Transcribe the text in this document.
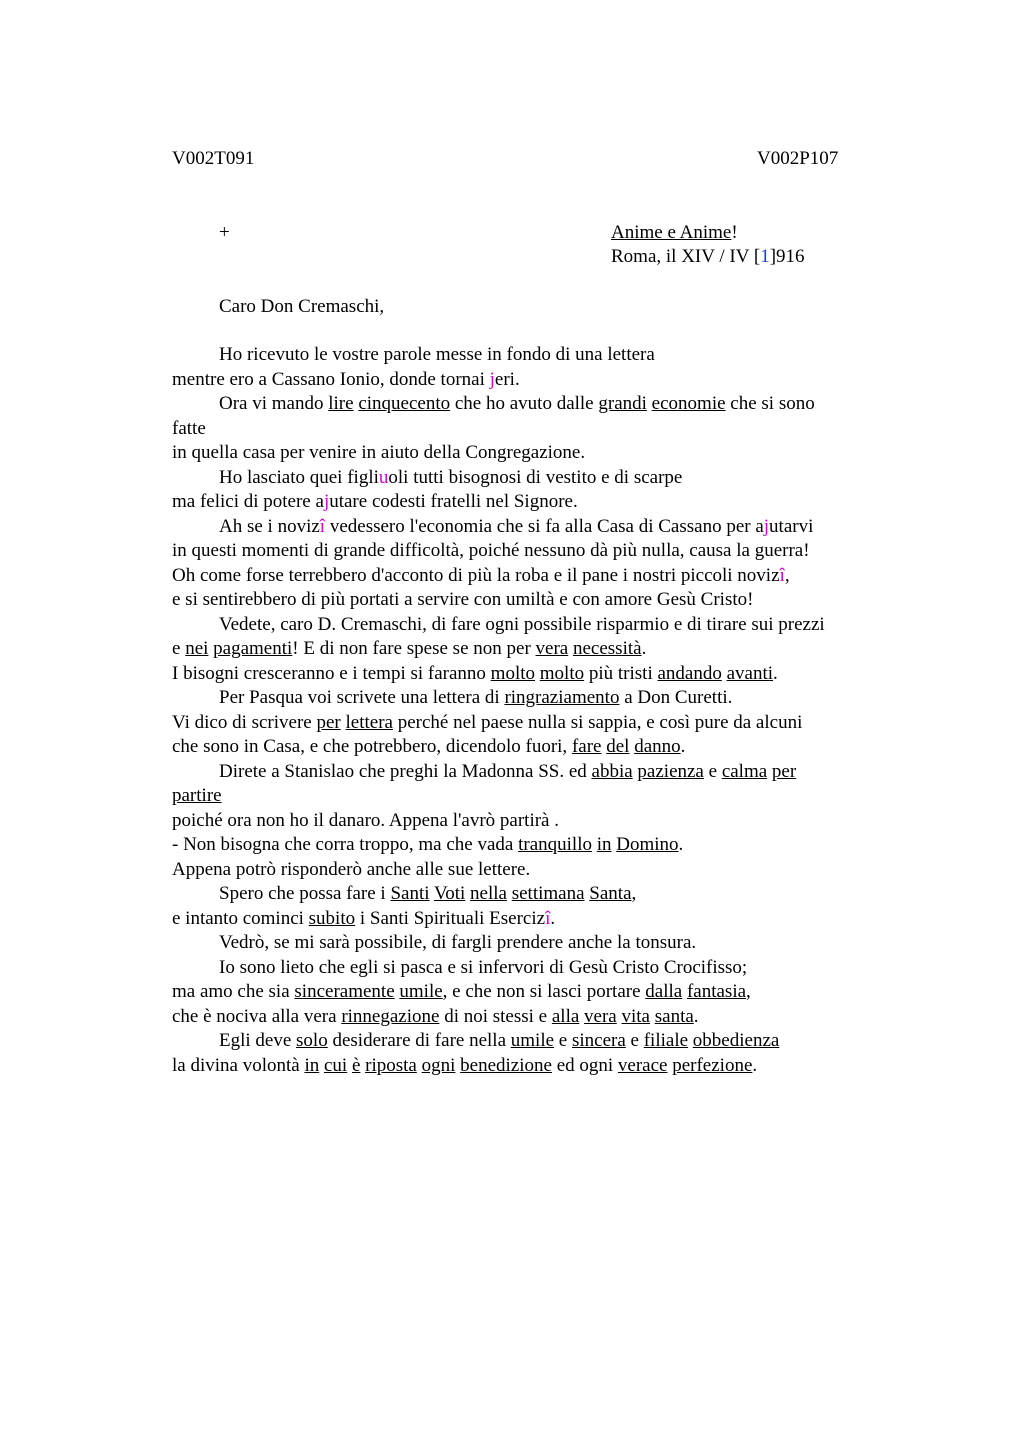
V002T091	V002P107
+	Anime e Anime!
Roma, il XIV / IV [1]916
Caro Don Cremaschi,
Ho ricevuto le vostre parole messe in fondo di una lettera
mentre ero a Cassano Ionio, donde tornai jeri.
Ora vi mando lire cinquecento che ho avuto dalle grandi economie che si sono
fatte
in quella casa per venire in aiuto della Congregazione.
Ho lasciato quei figliuoli tutti bisognosi di vestito e di scarpe
ma felici di potere ajutare codesti fratelli nel Signore.
Ah se i novizî vedessero l'economia che si fa alla Casa di Cassano per ajutarvi
in questi momenti di grande difficoltà, poiché nessuno dà più nulla, causa la guerra!
Oh come forse terrebbero d'acconto di più la roba e il pane i nostri piccoli novizî,
e si sentirebbero di più portati a servire con umiltà e con amore Gesù Cristo!
Vedete, caro D. Cremaschi, di fare ogni possibile risparmio e di tirare sui prezzi
e nei pagamenti! E di non fare spese se non per vera necessità.
I bisogni cresceranno e i tempi si faranno molto molto più tristi andando avanti.
Per Pasqua voi scrivete una lettera di ringraziamento a Don Curetti.
Vi dico di scrivere per lettera perché nel paese nulla si sappia, e così pure da alcuni
che sono in Casa, e che potrebbero, dicendolo fuori, fare del danno.
Direte a Stanislao che preghi la Madonna SS. ed abbia pazienza e calma per
partire
poiché ora non ho il danaro. Appena l'avrò partirà .
- Non bisogna che corra troppo, ma che vada tranquillo in Domino.
Appena potrò risponderò anche alle sue lettere.
Spero che possa fare i Santi Voti nella settimana Santa,
e intanto cominci subito i Santi Spirituali Esercizî.
Vedrò, se mi sarà possibile, di fargli prendere anche la tonsura.
Io sono lieto che egli si pasca e si infervori di Gesù Cristo Crocifisso;
ma amo che sia sinceramente umile, e che non si lasci portare dalla fantasia,
che è nociva alla vera rinnegazione di noi stessi e alla vera vita santa.
Egli deve solo desiderare di fare nella umile e sincera e filiale obbedienza
la divina volontà in cui è riposta ogni benedizione ed ogni verace perfezione.
